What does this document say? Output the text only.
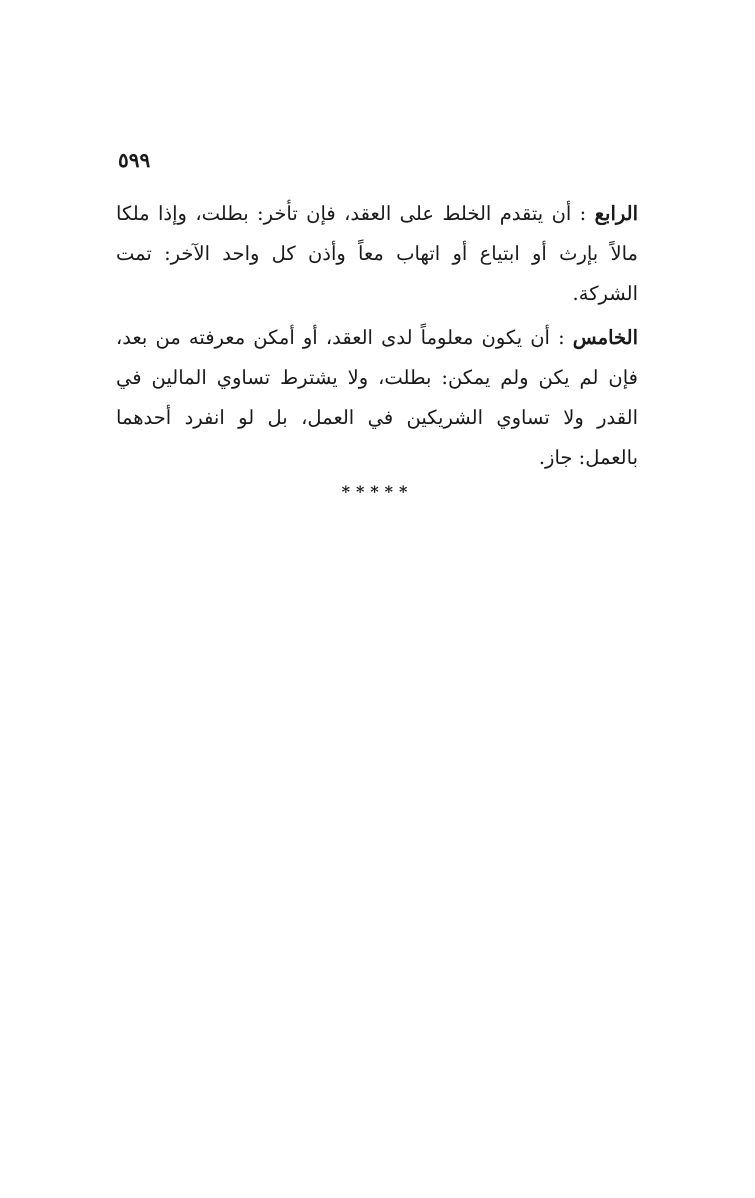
٥٩٩

الرابع : أن يتقدم الخلط على العقد، فإن تأخر: بطلت، وإذا ملكا مالاً بإرث أو ابتياع أو اتهاب معاً وأذن كل واحد الآخر: تمت الشركة.

الخامس : أن يكون معلوماً لدى العقد، أو أمكن معرفته من بعد، فإن لم يكن ولم يمكن: بطلت، ولا يشترط تساوي المالين في القدر ولا تساوي الشريكين في العمل، بل لو انفرد أحدهما بالعمل: جاز.

*****
